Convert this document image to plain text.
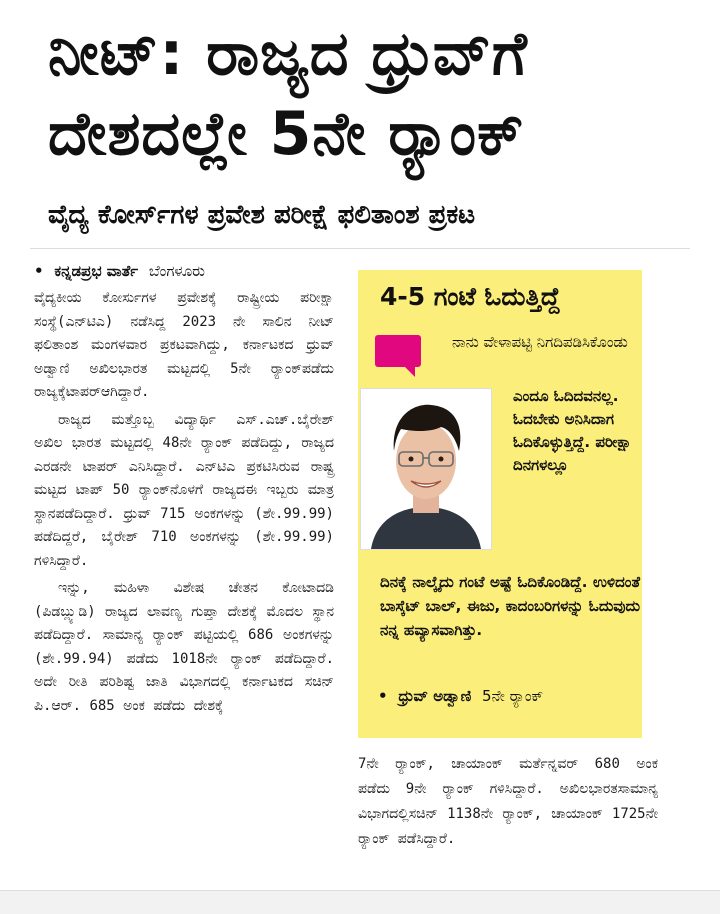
ನೀಟ್: ರಾಜ್ಯದ ಧ್ರುವ್‌ಗೆ
ದೇಶದಲ್ಲೇ 5ನೇ ರ್‍ಯಾಂಕ್
ವೈದ್ಯ ಕೋರ್ಸ್‌ಗಳ ಪ್ರವೇಶ ಪರೀಕ್ಷೆ ಫಲಿತಾಂಶ ಪ್ರಕಟ
• ಕನ್ನಡಪ್ರಭ ವಾರ್ತೆ ಬೆಂಗಳೂರು

ವೈದ್ಯಕೀಯ ಕೋರ್ಸುಗಳ ಪ್ರವೇಶಕ್ಕೆ ರಾಷ್ಟ್ರೀಯ ಪರೀಕ್ಷಾ ಸಂಸ್ಥೆ(ಎನ್‌ಟಿಎ) ನಡೆಸಿದ್ದ 2023 ನೇ ಸಾಲಿನ ನೀಟ್ ಫಲಿತಾಂಶ ಮಂಗಳವಾರ ಪ್ರಕಟವಾಗಿದ್ದು, ಕರ್ನಾಟಕದ ಧ್ರುವ್ ಅಡ್ವಾಣಿ ಅಖಿಲಭಾರತ ಮಟ್ಟದಲ್ಲಿ 5ನೇ ರ್‍ಯಾಂಕ್‌ಪಡೆದು ರಾಜ್ಯಕ್ಕೆಟಾಪರ್‌ಆಗಿದ್ದಾರೆ.

ರಾಜ್ಯದ ಮತ್ತೊಬ್ಬ ವಿದ್ಯಾರ್ಥಿ ಎಸ್.ಎಚ್.ಬೈರೇಶ್ ಅಖಿಲ ಭಾರತ ಮಟ್ಟದಲ್ಲಿ 48ನೇ ರ್‍ಯಾಂಕ್ ಪಡೆದಿದ್ದು, ರಾಜ್ಯದ ಎರಡನೇ ಟಾಪರ್ ಎನಿಸಿದ್ದಾರೆ. ಎನ್‌ಟಿಎ ಪ್ರಕಟಿಸಿರುವ ರಾಷ್ಟ್ರ ಮಟ್ಟದ ಟಾಪ್ 50 ರ್‍ಯಾಂಕ್‌ನೊಳಗೆ ರಾಜ್ಯದಈ ಇಬ್ಬರು ಮಾತ್ರ ಸ್ಥಾನಪಡೆದಿದ್ದಾರೆ. ಧ್ರುವ್ 715 ಅಂಕಗಳನ್ನು (ಶೇ.99.99) ಪಡೆದಿದ್ದರೆ, ಬೈರೇಶ್ 710 ಅಂಕಗಳನ್ನು (ಶೇ.99.99) ಗಳಿಸಿದ್ದಾರೆ.

ಇನ್ನು, ಮಹಿಳಾ ವಿಶೇಷ ಚೇತನ ಕೋಟಾದಡಿ (ಪಿಡಬ್ಲ್ಯುಡಿ) ರಾಜ್ಯದ ಲಾವಣ್ಯ ಗುಪ್ತಾ ದೇಶಕ್ಕೆ ಮೊದಲ ಸ್ಥಾನ ಪಡೆದಿದ್ದಾರೆ. ಸಾಮಾನ್ಯ ರ್‍ಯಾಂಕ್ ಪಟ್ಟಿಯಲ್ಲಿ 686 ಅಂಕಗಳನ್ನು (ಶೇ.99.94) ಪಡೆದು 1018ನೇ ರ್‍ಯಾಂಕ್ ಪಡೆದಿದ್ದಾರೆ. ಅದೇ ರೀತಿ ಪರಿಶಿಷ್ಟ ಜಾತಿ ವಿಭಾಗದಲ್ಲಿ ಕರ್ನಾಟಕದ ಸಚಿನ್ ಪಿ.ಆರ್. 685 ಅಂಕ ಪಡೆದು ದೇಶಕ್ಕೆ

4-5 ಗಂಟೆ ಓದುತ್ತಿದ್ದೆ
ನಾನು ವೇಳಾಪಟ್ಟಿ ನಿಗದಿಪಡಿಸಿಕೊಂಡು
ಎಂದೂ ಓದಿದವನಲ್ಲ. ಓದಬೇಕು ಅನಿಸಿದಾಗ ಓದಿಕೊಳ್ಳುತ್ತಿದ್ದೆ. ಪರೀಕ್ಷಾ ದಿನಗಳಲ್ಲೂ
ದಿನಕ್ಕೆ ನಾಲ್ಕೈದು ಗಂಟೆ ಅಷ್ಟೆ ಓದಿಕೊಂಡಿದ್ದೆ. ಉಳಿದಂತೆ ಬಾಸ್ಕೆಟ್ ಬಾಲ್, ಈಜು, ಕಾದಂಬರಿಗಳನ್ನು ಓದುವುದು ನನ್ನ ಹವ್ಯಾಸವಾಗಿತ್ತು.
• ಧ್ರುವ್ ಅಡ್ವಾಣಿ 5ನೇ ರ್‍ಯಾಂಕ್
7ನೇ ರ್‍ಯಾಂಕ್, ಚಾಯಾಂಕ್ ಮರ್ತೆನ್ನವರ್ 680 ಅಂಕ ಪಡೆದು 9ನೇ ರ್‍ಯಾಂಕ್ ಗಳಿಸಿದ್ದಾರೆ. ಅಖಿಲಭಾರತಸಾಮಾನ್ಯ ವಿಭಾಗದಲ್ಲಿಸಚಿನ್ 1138ನೇ ರ್‍ಯಾಂಕ್, ಚಾಯಾಂಕ್ 1725ನೇ ರ್‍ಯಾಂಕ್ ಪಡೆಸಿದ್ದಾರೆ.
